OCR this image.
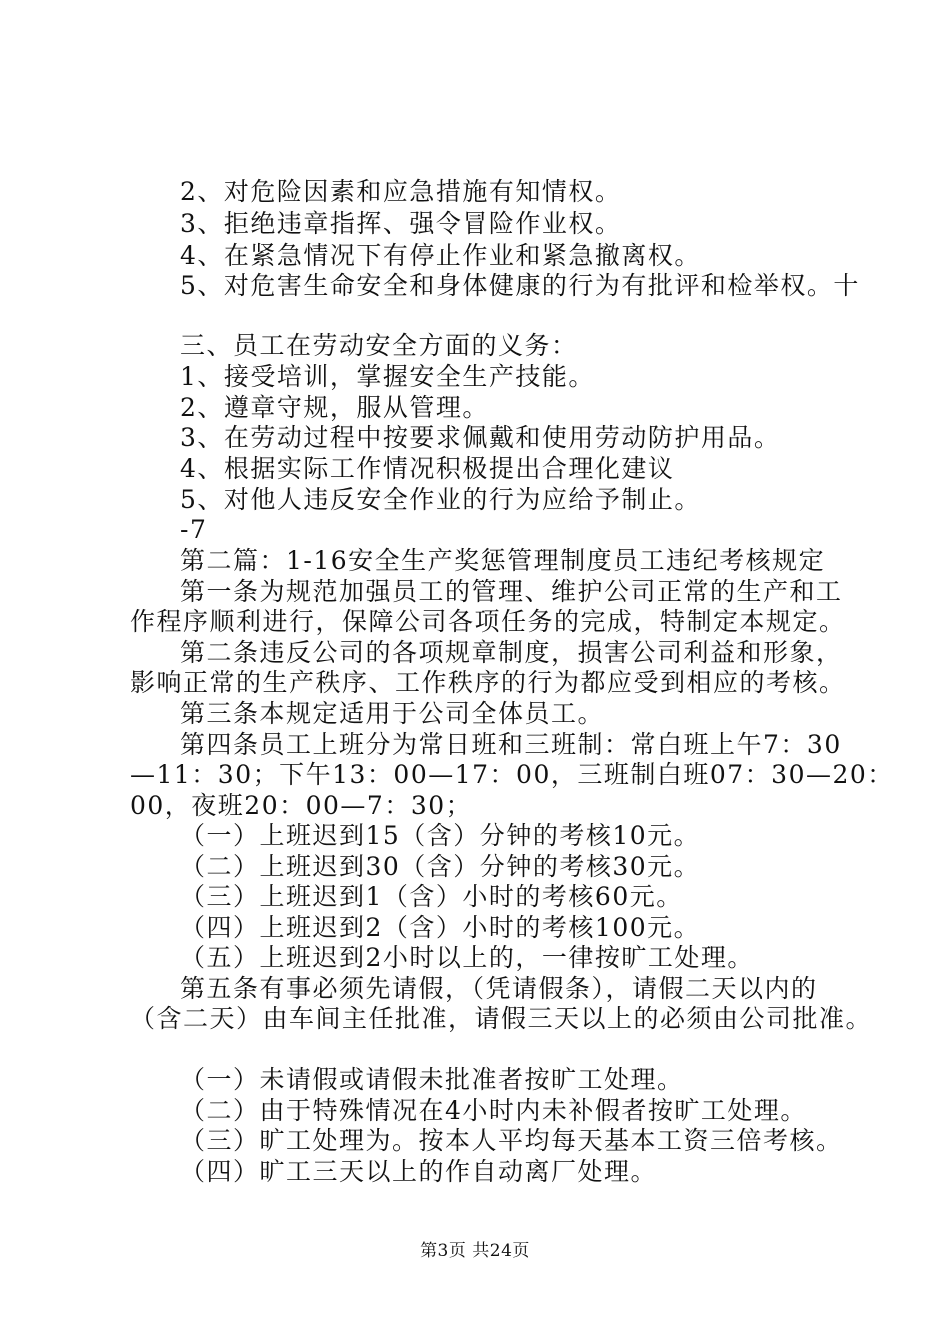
2、对危险因素和应急措施有知情权。
3、拒绝违章指挥、强令冒险作业权。
4、在紧急情况下有停止作业和紧急撤离权。
5、对危害生命安全和身体健康的行为有批评和检举权。十
三、员工在劳动安全方面的义务：
1、接受培训，掌握安全生产技能。
2、遵章守规，服从管理。
3、在劳动过程中按要求佩戴和使用劳动防护用品。
4、根据实际工作情况积极提出合理化建议
5、对他人违反安全作业的行为应给予制止。
-7
第二篇：1-16安全生产奖惩管理制度员工违纪考核规定
第一条为规范加强员工的管理、维护公司正常的生产和工
作程序顺利进行，保障公司各项任务的完成，特制定本规定。
第二条违反公司的各项规章制度，损害公司利益和形象，
影响正常的生产秩序、工作秩序的行为都应受到相应的考核。
第三条本规定适用于公司全体员工。
第四条员工上班分为常日班和三班制：常白班上午7：30
—11：30；下午13：00—17：00，三班制白班07：30—20：
00，夜班20：00—7：30；
（一）上班迟到15（含）分钟的考核10元。
（二）上班迟到30（含）分钟的考核30元。
（三）上班迟到1（含）小时的考核60元。
（四）上班迟到2（含）小时的考核100元。
（五）上班迟到2小时以上的，一律按旷工处理。
第五条有事必须先请假，（凭请假条），请假二天以内的
（含二天）由车间主任批准，请假三天以上的必须由公司批准。
（一）未请假或请假未批准者按旷工处理。
（二）由于特殊情况在4小时内未补假者按旷工处理。
（三）旷工处理为。按本人平均每天基本工资三倍考核。
（四）旷工三天以上的作自动离厂处理。
第3页 共24页
